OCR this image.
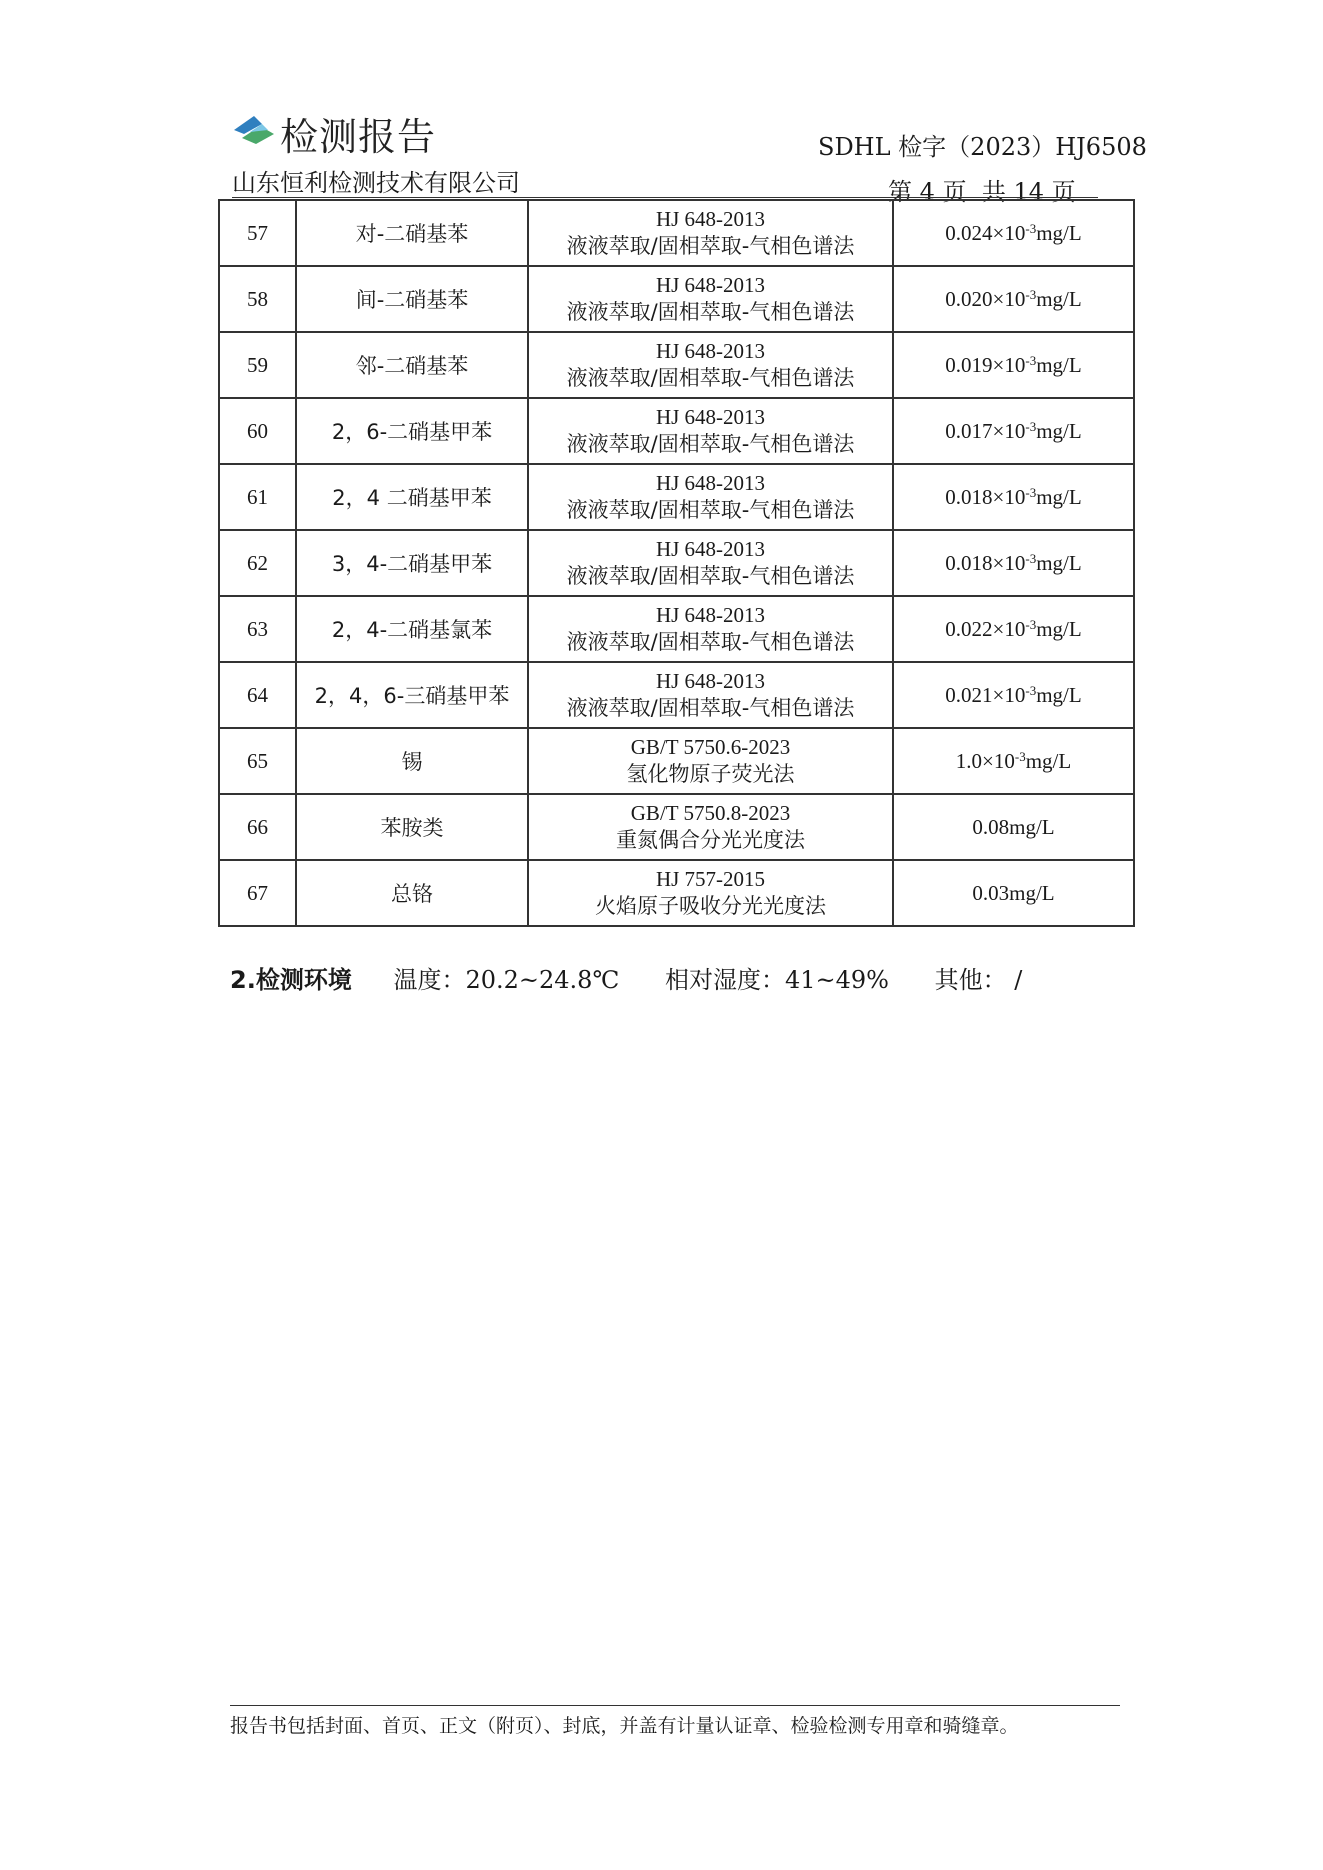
检测报告	SDHL 检字（2023）HJ6508
山东恒利检测技术有限公司	第 4 页  共 14 页
57	对-二硝基苯	HJ 648-2013
液液萃取/固相萃取-气相色谱法	$0.024\times 10^{-3}mg/L$
58	间-二硝基苯	HJ 648-2013
液液萃取/固相萃取-气相色谱法	$0.020\times 10^{-3}mg/L$
59	邻-二硝基苯	HJ 648-2013
液液萃取/固相萃取-气相色谱法	$0.019\times 10^{-3}mg/L$
60	2，6-二硝基甲苯	HJ 648-2013
液液萃取/固相萃取-气相色谱法	$0.017\times 10^{-3}mg/L$
61	2，4 二硝基甲苯	HJ 648-2013
液液萃取/固相萃取-气相色谱法	$0.018\times 10^{-3}mg/L$
62	3，4-二硝基甲苯	HJ 648-2013
液液萃取/固相萃取-气相色谱法	$0.018\times 10^{-3}mg/L$
63	2，4-二硝基氯苯	HJ 648-2013
液液萃取/固相萃取-气相色谱法	$0.022\times 10^{-3}mg/L$
64	2，4，6-三硝基甲苯	HJ 648-2013
液液萃取/固相萃取-气相色谱法	$0.021\times 10^{-3}mg/L$
65	锡	GB/T 5750.6-2023
氢化物原子荧光法	$1.0\times 10^{-3}mg/L$
66	苯胺类	GB/T 5750.8-2023
重氮偶合分光光度法	0.08mg/L
67	总铬	HJ 757-2015
火焰原子吸收分光光度法	0.03mg/L
2.检测环境 温度：20.2~24.8℃ 相对湿度：41~49% 其他： /
报告书包括封面、首页、正文（附页）、封底，并盖有计量认证章、检验检测专用章和骑缝章。
